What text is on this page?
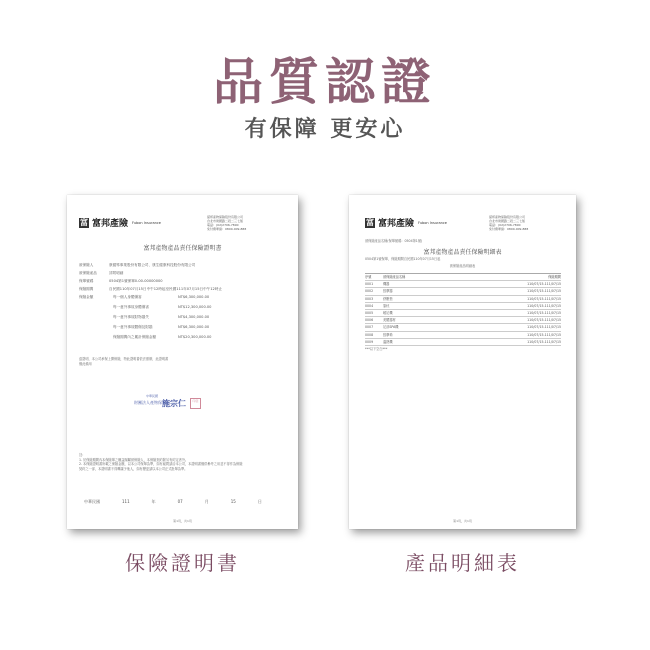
品質認證
有保障 更安心
富 富邦產險 Fubon Insurance
富邦產物保險股份有限公司
台北市建國路二段二三七號
電話：(02)2706-7890
免付費專線：0800-009-888
富邦產物產品責任保險證明書
被保險人	康健導事業股份有限公司、康生健康科技股份有限公司
被保險產品	詳附明細
保單號碼	0504第1號保單0-00-00000000
保險期間	自民國110年07月15日中午12時起至民國111年07月15日中午12時止
保險金額	每一個人身體傷害	NT$6,300,000.00
每一意外事故身體傷害	NT$12,300,000.00
每一意外事故財物損失	NT$4,300,000.00
每一意外事故體傷及財損	NT$6,300,000.00
保險期間內之累計保險金額	NT$20,300,000.00
茲證明，本公司承保上開保險，特此證明書依法照辦，此證明書
僅此備用
中華民國
財團法人產物保險
施宗仁	印章
註：
1. 於保險期間內本保險單之權益歸屬被保險人，本保險契約除另有約定者外。
2. 本保險證明書所載之保險金額，以本公司保單為準，如有疑問請洽本公司，本證明書僅供參考之用並不得作為保險
契約之一部，本證明書不得轉讓予他人，如有變更請以本公司正式批單為準。
中華民國	111	年	07	月	15	日
第1頁，共1頁
富 富邦產險 Fubon Insurance
富邦產物保險股份有限公司
台北市建國路二段二三七號
電話：(02)2706-7890
免付費專線：0800-009-888
被保險產品名稱(保單號碼：0504第1號)
富邦產物產品責任保險明細表
0504第1號保單，保險期間自民國110年07月15日起
被保險產品明細表
序號	被保險產品名稱	保險期間
0001	機器	110/07/15-111/07/15
0002	按摩器	110/07/15-111/07/15
0003	舒壓墊	110/07/15-111/07/15
0004	靠枕	110/07/15-111/07/15
0005	暖足機	110/07/15-111/07/15
0006	美體器材	110/07/15-111/07/15
0007	足部SPA機	110/07/15-111/07/15
0008	按摩椅	110/07/15-111/07/15
0009	溫熱機	110/07/15-111/07/15
***以下空白***
第1頁，共1頁
保險證明書	產品明細表
